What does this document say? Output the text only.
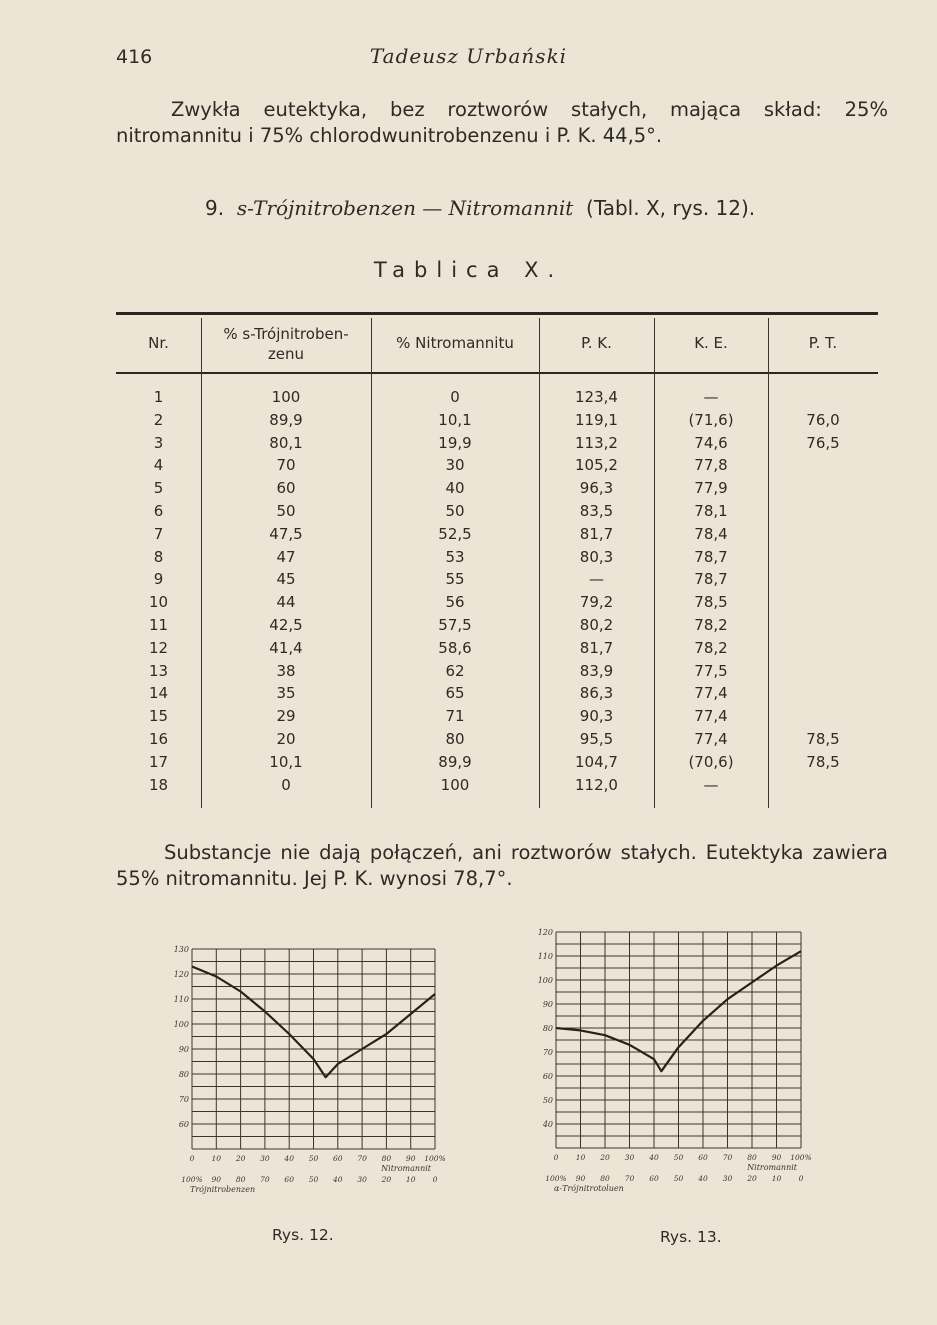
416	Tadeusz Urbański
Zwykła eutektyka, bez roztworów stałych, mająca skład: 25% nitromannitu i 75% chlorodwunitrobenzenu i P. K. 44,5°.
9. s-Trójnitrobenzen — Nitromannit (Tabl. X, rys. 12).
Tablica X.
Nr.	% s-Trójnitroben-
zenu
% Nitromannitu	P. K.	K. E.	P. T.
1	100	0	123,4	—
2	89,9	10,1	119,1	(71,6)	76,0
3	80,1	19,9	113,2	74,6	76,5
4	70	30	105,2	77,8
5	60	40	96,3	77,9
6	50	50	83,5	78,1
7	47,5	52,5	81,7	78,4
8	47	53	80,3	78,7
9	45	55	—	78,7
10	44	56	79,2	78,5
11	42,5	57,5	80,2	78,2
12	41,4	58,6	81,7	78,2
13	38	62	83,9	77,5
14	35	65	86,3	77,4
15	29	71	90,3	77,4
16	20	80	95,5	77,4	78,5
17	10,1	89,9	104,7	(70,6)	78,5
18	0	100	112,0	—
Substancje nie dają połączeń, ani roztworów stałych. Eutektyka zawiera 55% nitromannitu. Jej P. K. wynosi 78,7°.
130
120
110
100
90
80
70
60
0 10 20 30 40 50 60 70 80 90 100%
Nitromannit
100% 90 80 70 60 50 40 30 20 10 0
Trójnitrobenzen
Rys. 12.
120
110
100
90
80
70
60
50
40
0 10 20 30 40 50 60 70 80 90 100%
Nitromannit
100% 90 80 70 60 50 40 30 20 10 0
α-Trójnitrotoluen
Rys. 13.
